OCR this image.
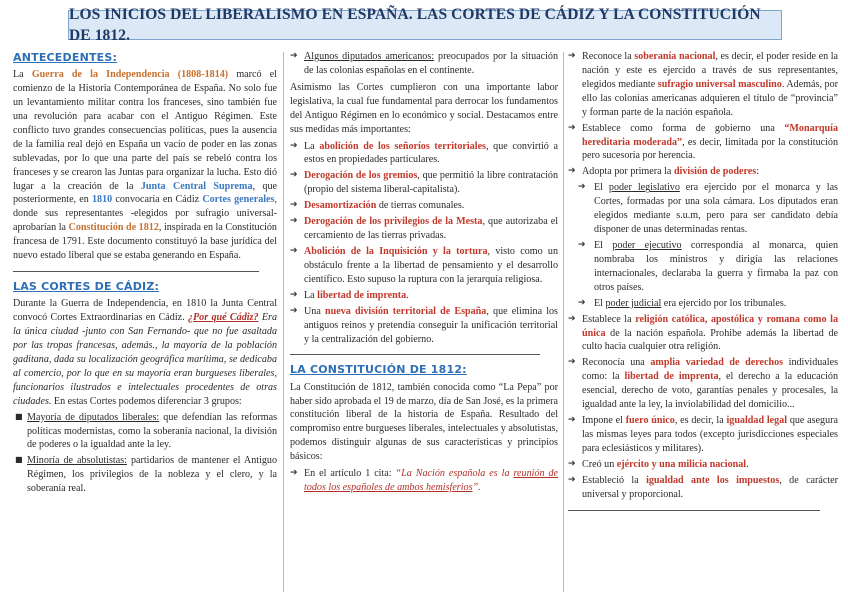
LOS INICIOS DEL LIBERALISMO EN ESPAÑA. LAS CORTES DE CÁDIZ Y LA CONSTITUCIÓN DE 1812.
ANTECEDENTES:

La Guerra de la Independencia (1808-1814) marcó el comienzo de la Historia Contemporánea de España. No solo fue un levantamiento militar contra los franceses, sino también fue una revolución para acabar con el Antiguo Régimen. Este conflicto tuvo grandes consecuencias políticas, pues la ausencia de la familia real dejó en España un vacío de poder en las zonas sublevadas, por lo que una parte del país se rebeló contra los franceses y se crearon las Juntas para organizar la lucha. Esto dió lugar a la creación de la Junta Central Suprema, que posteriormente, en 1810 convocaría en Cádiz Cortes generales, donde sus representantes -elegidos por sufragio universal- aprobarían la Constitución de 1812, inspirada en la Constitución francesa de 1791. Este documento constituyó la base jurídica del nuevo estado liberal que se estaba generando en España.

LAS CORTES DE CÁDIZ:

Durante la Guerra de Independencia, en 1810 la Junta Central convocó Cortes Extraordinarias en Cádiz. ¿Por qué Cádiz? Era la única ciudad -junto con San Fernando- que no fue asaltada por las tropas francesas, además., la mayoría de la población gaditana, dada su localización geográfica marítima, se dedicaba al comercio, por lo que en su mayoría eran burgueses liberales, funcionarios ilustrados e intelectuales procedentes de otras ciudades. En estas Cortes podemos diferenciar 3 grupos:

■ Mayoría de diputados liberales: que defendían las reformas políticas modernistas, como la soberanía nacional, la división de poderes o la igualdad ante la ley.
■ Minoría de absolutistas: partidarios de mantener el Antiguo Régimen, los privilegios de la nobleza y el clero, y la soberanía real.
➔ Algunos diputados americanos: preocupados por la situación de las colonias españolas en el continente.

Asimismo las Cortes cumplieron con una importante labor legislativa, la cual fue fundamental para derrocar los fundamentos del Antiguo Régimen en lo económico y social. Destacamos entre sus medidas más importantes:

➔ La abolición de los señoríos territoriales, que convirtió a estos en propiedades particulares.
➔ Derogación de los gremios, que permitió la libre contratación (propio del sistema liberal-capitalista).
➔ Desamortización de tierras comunales.
➔ Derogación de los privilegios de la Mesta, que autorizaba el cercamiento de las tierras privadas.
➔ Abolición de la Inquisición y la tortura, visto como un obstáculo frente a la libertad de pensamiento y el desarrollo científico. Esto supuso la ruptura con la jerarquía religiosa.
➔ La libertad de imprenta.
➔ Una nueva división territorial de España, que elimina los antiguos reinos y pretendía conseguir la unificación territorial y la centralización del gobierno.
LA CONSTITUCIÓN DE 1812:

La Constitución de 1812, también conocida como “La Pepa” por haber sido aprobada el 19 de marzo, día de San José, es la primera constitución liberal de la historia de España. Resultado del compromiso entre burgueses liberales, intelectuales y absolutistas, podemos distinguir algunas de sus características y principios básicos:

➔ En el artículo 1 cita: “La Nación española es la reunión de todos los españoles de ambos hemisferios”.
➔ Reconoce la soberanía nacional, es decir, el poder reside en la nación y este es ejercido a través de sus representantes, elegidos mediante sufragio universal masculino. Además, por ello las colonias americanas adquieren el título de “provincia” y forman parte de la nación española.
➔ Establece como forma de gobierno una “Monarquía hereditaria moderada”, es decir, limitada por la constitución pero sucesoria por herencia.
➔ Adopta por primera la división de poderes:
➔ El poder legislativo era ejercido por el monarca y las Cortes, formadas por una sola cámara. Los diputados eran elegidos mediante s.u.m, pero para ser candidato debía disponer de unas determinadas rentas.
➔ El poder ejecutivo correspondía al monarca, quien nombraba los ministros y dirigía las relaciones internacionales, declaraba la guerra y firmaba la paz con otros países.
➔ El poder judicial era ejercido por los tribunales.
➔ Establece la religión católica, apostólica y romana como la única de la nación española. Prohibe además la libertad de culto hacia cualquier otra religión.
➔ Reconocía una amplia variedad de derechos individuales como: la libertad de imprenta, el derecho a la educación esencial, derecho de voto, garantías penales y procesales, la igualdad ante la ley, la inviolabilidad del domicilio...
➔ Impone el fuero único, es decir, la igualdad legal que asegura las mismas leyes para todos (excepto jurisdicciones especiales para eclesiásticos y militares).
➔ Creó un ejército y una milicia nacional.
➔ Estableció la igualdad ante los impuestos, de carácter universal y proporcional.
